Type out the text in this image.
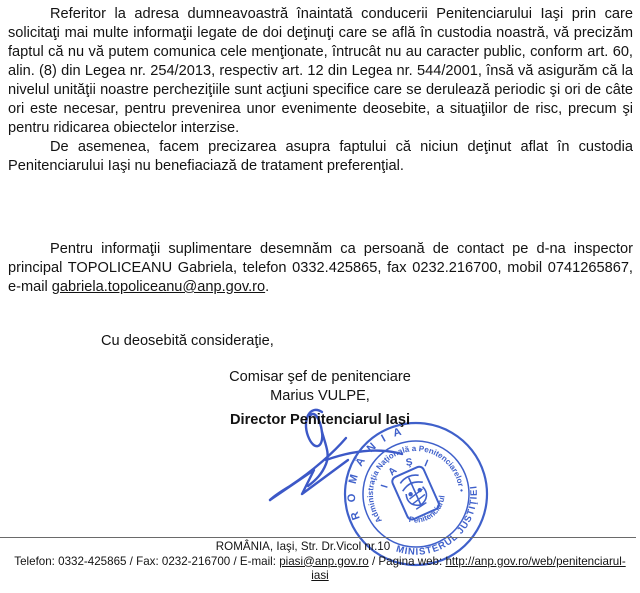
Referitor la adresa dumneavoastră înaintată conducerii Penitenciarului Iaşi prin care solicitaţi mai multe informaţii legate de doi deţinuţi care se află în custodia noastră, vă precizăm faptul că nu vă putem comunica cele menţionate, întrucât nu au caracter public, conform art. 60, alin. (8) din Legea nr. 254/2013, respectiv art. 12 din Legea nr. 544/2001, însă vă asigurăm că la nivelul unităţii noastre percheziţiile sunt acţiuni specifice care se derulează periodic şi ori de câte ori este necesar, pentru prevenirea unor evenimente deosebite, a situaţiilor de risc, precum şi pentru ridicarea obiectelor interzise.

De asemenea, facem precizarea asupra faptului că niciun deţinut aflat în custodia Penitenciarului Iaşi nu benefiaciază de tratament preferenţial.

Pentru informaţii suplimentare desemnăm ca persoană de contact pe d-na inspector principal TOPOLICEANU Gabriela, telefon 0332.425865, fax 0232.216700, mobil 0741265867, e-mail gabriela.topoliceanu@anp.gov.ro.

Cu deosebită consideraţie,
Comisar şef de penitenciare
Marius VULPE,
Director Penitenciarul Iaşi
R O M Â N I A
MINISTERUL JUSTIŢIEI
Administraţia Naţională a Penitenciarelor •
I A Ş I
Penitenciarul
ROMÂNIA, Iaşi, Str. Dr.Vicol nr.10
Telefon: 0332-425865 / Fax: 0232-216700 / E-mail: piasi@anp.gov.ro / Pagina web: http://anp.gov.ro/web/penitenciarul-
iasi
